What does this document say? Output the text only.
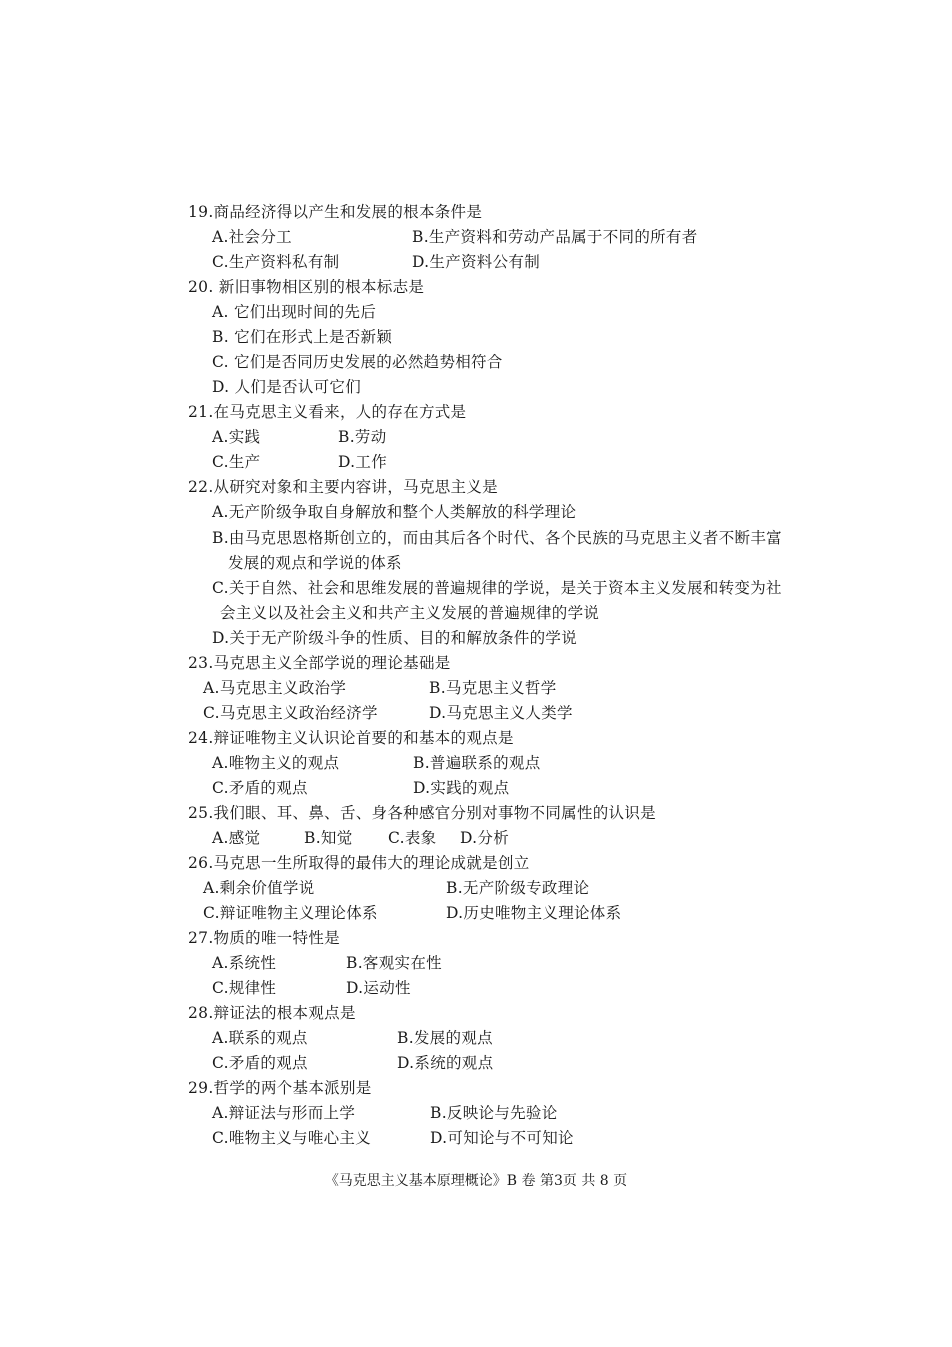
19.商品经济得以产生和发展的根本条件是
A.社会分工	B.生产资料和劳动产品属于不同的所有者
C.生产资料私有制	D.生产资料公有制
20. 新旧事物相区别的根本标志是
A. 它们出现时间的先后
B. 它们在形式上是否新颖
C. 它们是否同历史发展的必然趋势相符合
D. 人们是否认可它们
21.在马克思主义看来，人的存在方式是
A.实践	B.劳动
C.生产	D.工作
22.从研究对象和主要内容讲，马克思主义是
A.无产阶级争取自身解放和整个人类解放的科学理论
B.由马克思恩格斯创立的，而由其后各个时代、各个民族的马克思主义者不断丰富
发展的观点和学说的体系
C.关于自然、社会和思维发展的普遍规律的学说，是关于资本主义发展和转变为社
会主义以及社会主义和共产主义发展的普遍规律的学说
D.关于无产阶级斗争的性质、目的和解放条件的学说
23.马克思主义全部学说的理论基础是
A.马克思主义政治学	B.马克思主义哲学
C.马克思主义政治经济学	D.马克思主义人类学
24.辩证唯物主义认识论首要的和基本的观点是
A.唯物主义的观点	B.普遍联系的观点
C.矛盾的观点	D.实践的观点
25.我们眼、耳、鼻、舌、身各种感官分别对事物不同属性的认识是
A.感觉	B.知觉 C.表象 D.分析
26.马克思一生所取得的最伟大的理论成就是创立
A.剩余价值学说	B.无产阶级专政理论
C.辩证唯物主义理论体系	D.历史唯物主义理论体系
27.物质的唯一特性是
A.系统性	B.客观实在性
C.规律性	D.运动性
28.辩证法的根本观点是
A.联系的观点	B.发展的观点
C.矛盾的观点	D.系统的观点
29.哲学的两个基本派别是
A.辩证法与形而上学	B.反映论与先验论
C.唯物主义与唯心主义	D.可知论与不可知论
《马克思主义基本原理概论》B 卷 第3页 共 8 页
